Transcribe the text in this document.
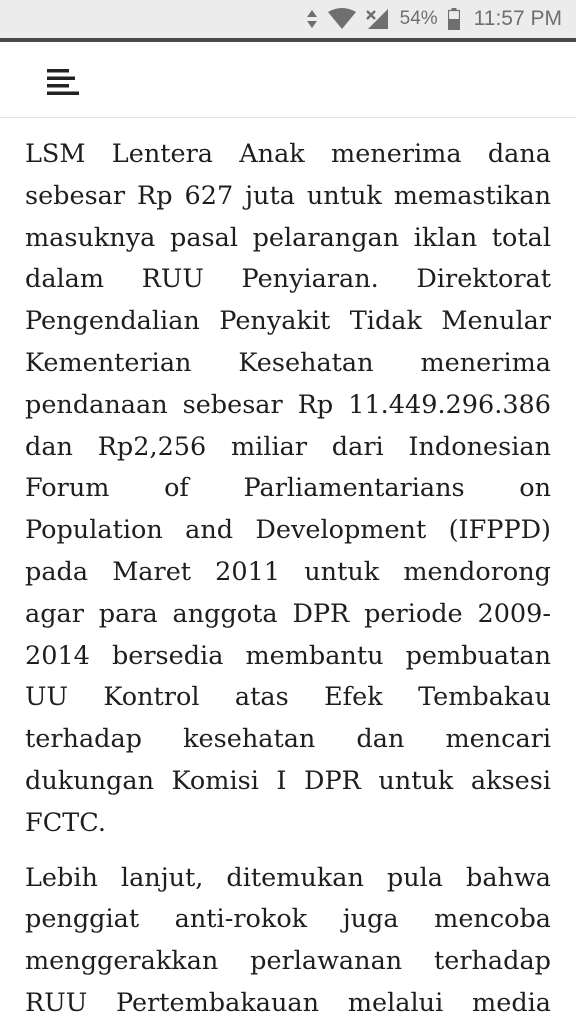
54% 11:57 PM

LSM Lentera Anak menerima dana
sebesar Rp 627 juta untuk memastikan
masuknya pasal pelarangan iklan total
dalam RUU Penyiaran. Direktorat
Pengendalian Penyakit Tidak Menular
Kementerian Kesehatan menerima
pendanaan sebesar Rp 11.449.296.386
dan Rp2,256 miliar dari Indonesian
Forum of Parliamentarians on
Population and Development (IFPPD)
pada Maret 2011 untuk mendorong
agar para anggota DPR periode 2009-
2014 bersedia membantu pembuatan
UU Kontrol atas Efek Tembakau
terhadap kesehatan dan mencari
dukungan Komisi I DPR untuk aksesi
FCTC.

Lebih lanjut, ditemukan pula bahwa
penggiat anti-rokok juga mencoba
menggerakkan perlawanan terhadap
RUU Pertembakauan melalui media
